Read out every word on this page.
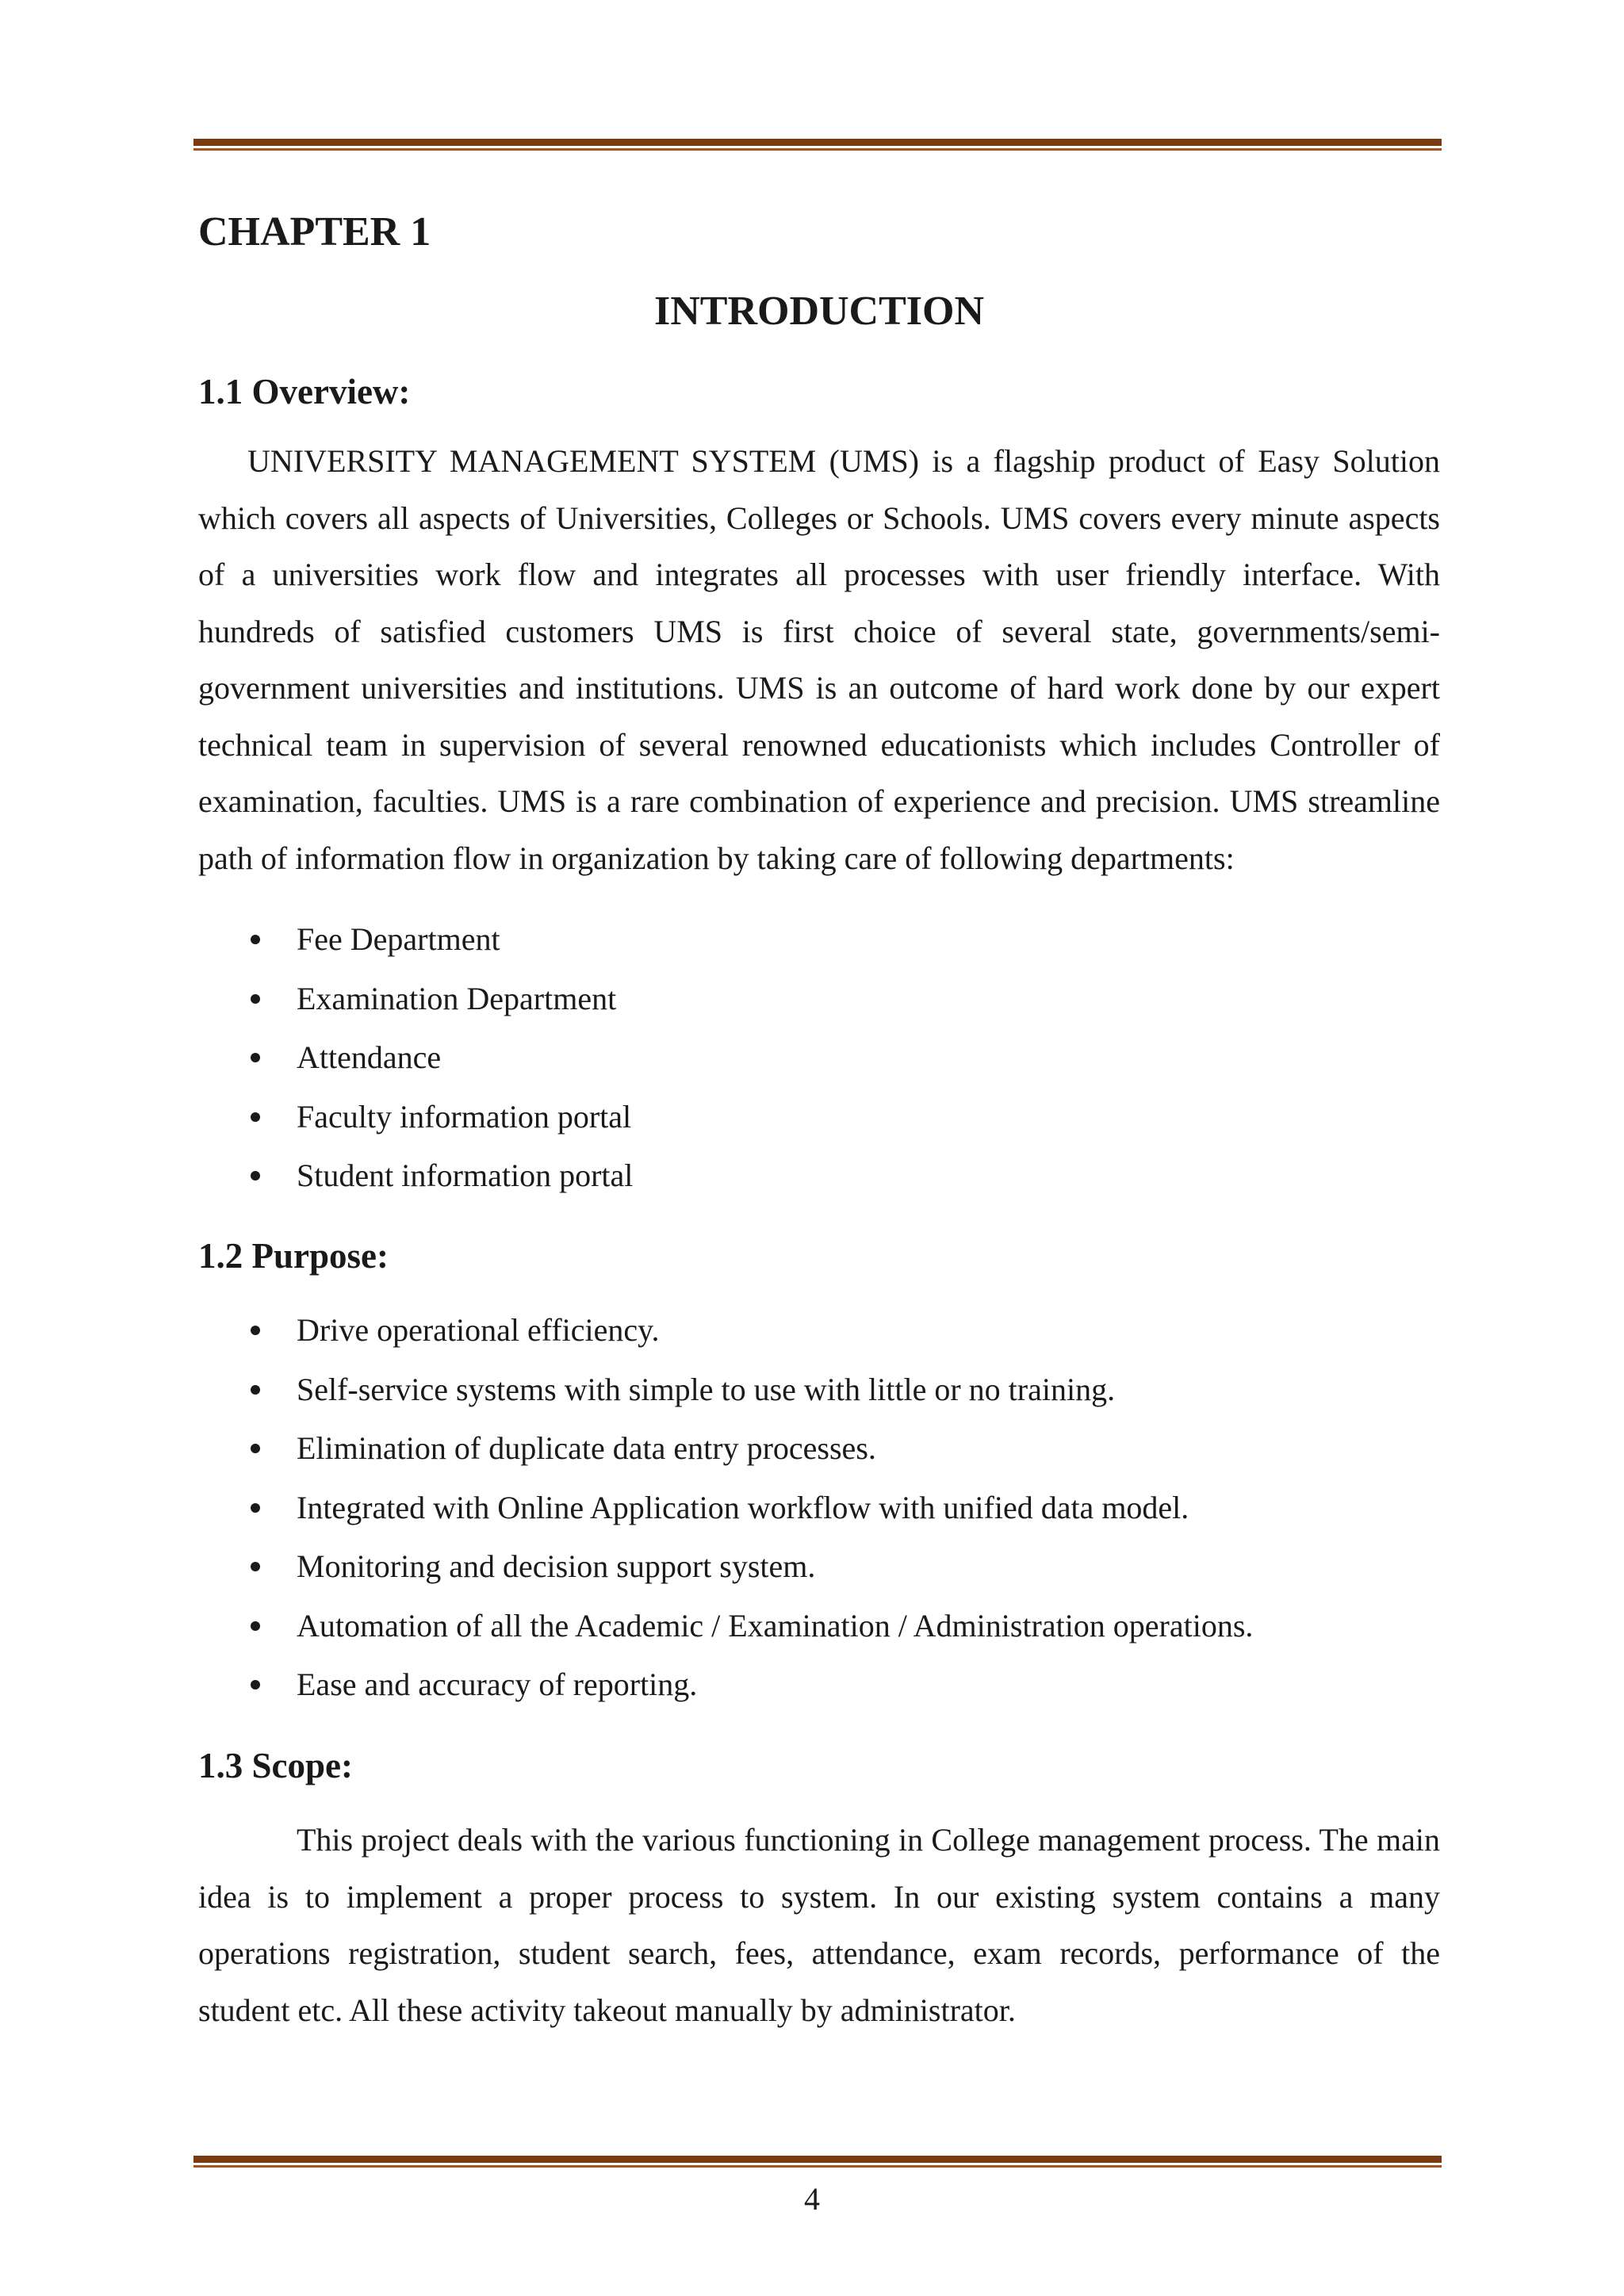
CHAPTER 1
INTRODUCTION
1.1 Overview:

UNIVERSITY MANAGEMENT SYSTEM (UMS) is a flagship product of Easy Solution which covers all aspects of Universities, Colleges or Schools. UMS covers every minute aspects of a universities work flow and integrates all processes with user friendly interface. With hundreds of satisfied customers UMS is first choice of several state, governments/semi-government universities and institutions. UMS is an outcome of hard work done by our expert technical team in supervision of several renowned educationists which includes Controller of examination, faculties. UMS is a rare combination of experience and precision. UMS streamline path of information flow in organization by taking care of following departments:

Fee Department
Examination Department
Attendance
Faculty information portal
Student information portal
1.2 Purpose:
Drive operational efficiency.
Self-service systems with simple to use with little or no training.
Elimination of duplicate data entry processes.
Integrated with Online Application workflow with unified data model.
Monitoring and decision support system.
Automation of all the Academic / Examination / Administration operations.
Ease and accuracy of reporting.
1.3 Scope:

This project deals with the various functioning in College management process. The main idea is to implement a proper process to system. In our existing system contains a many operations registration, student search, fees, attendance, exam records, performance of the student etc. All these activity takeout manually by administrator.

4
